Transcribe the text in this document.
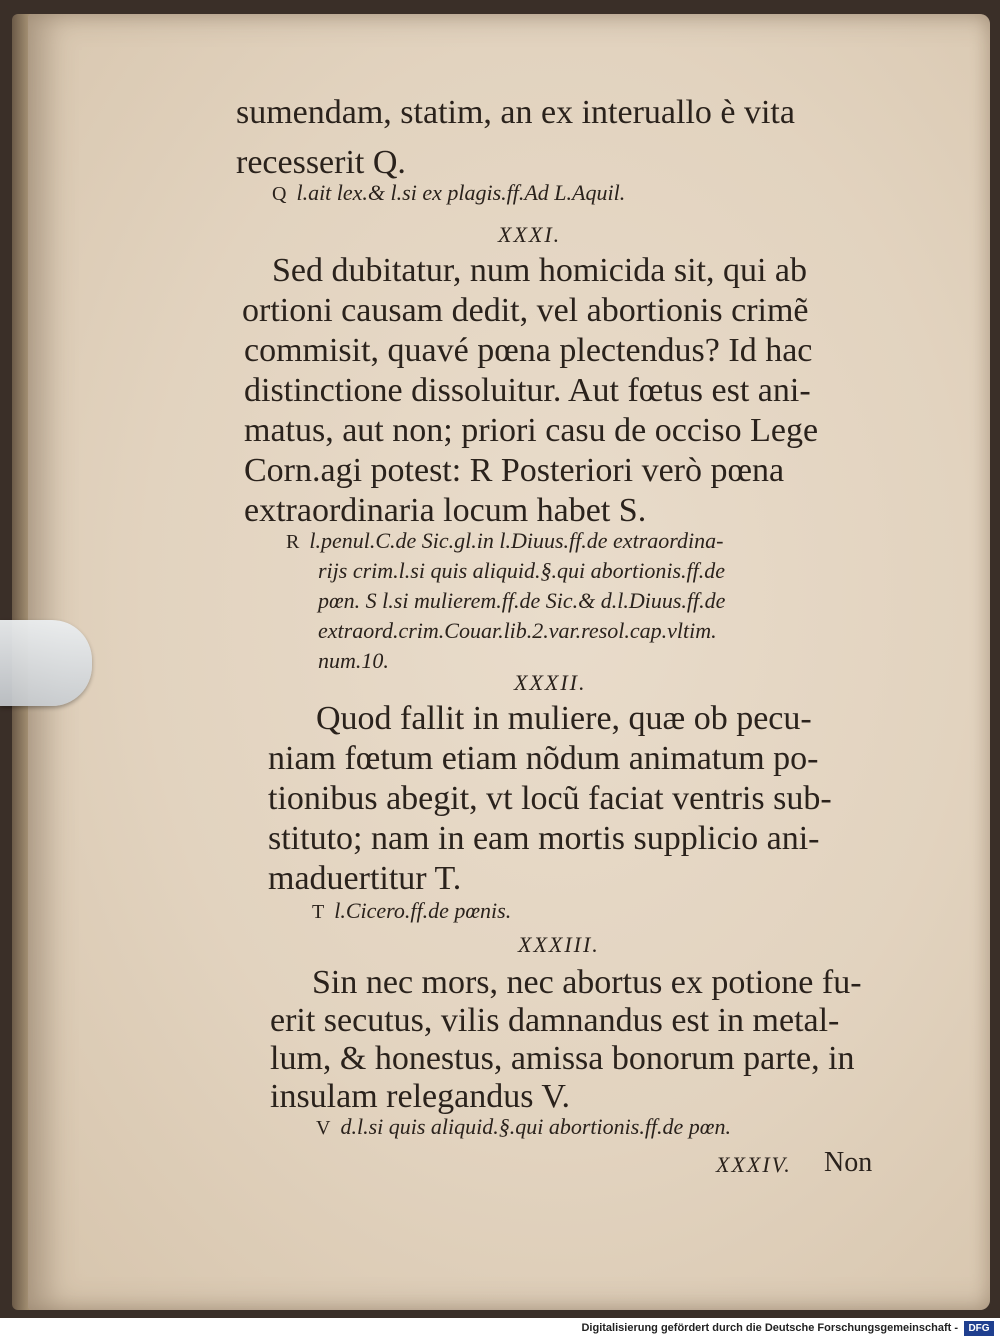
sumendam, statim, an ex interuallo è vita
recesserit Q.
Q l.ait lex.& l.si ex plagis.ff.Ad L.Aquil.
XXXI.
Sed dubitatur, num homicida sit, qui ab
ortioni causam dedit, vel abortionis crimẽ
commisit, quavé pœna plectendus? Id hac
distinctione dissoluitur. Aut fœtus est ani-
matus, aut non; priori casu de occiso Lege
Corn.agi potest: R Posteriori verò pœna
extraordinaria locum habet S.
R l.penul.C.de Sic.gl.in l.Diuus.ff.de extraordina-
rijs crim.l.si quis aliquid.§.qui abortionis.ff.de
pœn. S l.si mulierem.ff.de Sic.& d.l.Diuus.ff.de
extraord.crim.Couar.lib.2.var.resol.cap.vltim.
num.10.
XXXII.
Quod fallit in muliere, quæ ob pecu-
niam fœtum etiam nõdum animatum po-
tionibus abegit, vt locũ faciat ventris sub-
stituto; nam in eam mortis supplicio ani-
maduertitur T.
T l.Cicero.ff.de pœnis.
XXXIII.
Sin nec mors, nec abortus ex potione fu-
erit secutus, vilis damnandus est in metal-
lum, & honestus, amissa bonorum parte, in
insulam relegandus V.
V d.l.si quis aliquid.§.qui abortionis.ff.de pœn.
XXXIV. Non
Digitalisierung gefördert durch die Deutsche Forschungsgemeinschaft -	DFG
